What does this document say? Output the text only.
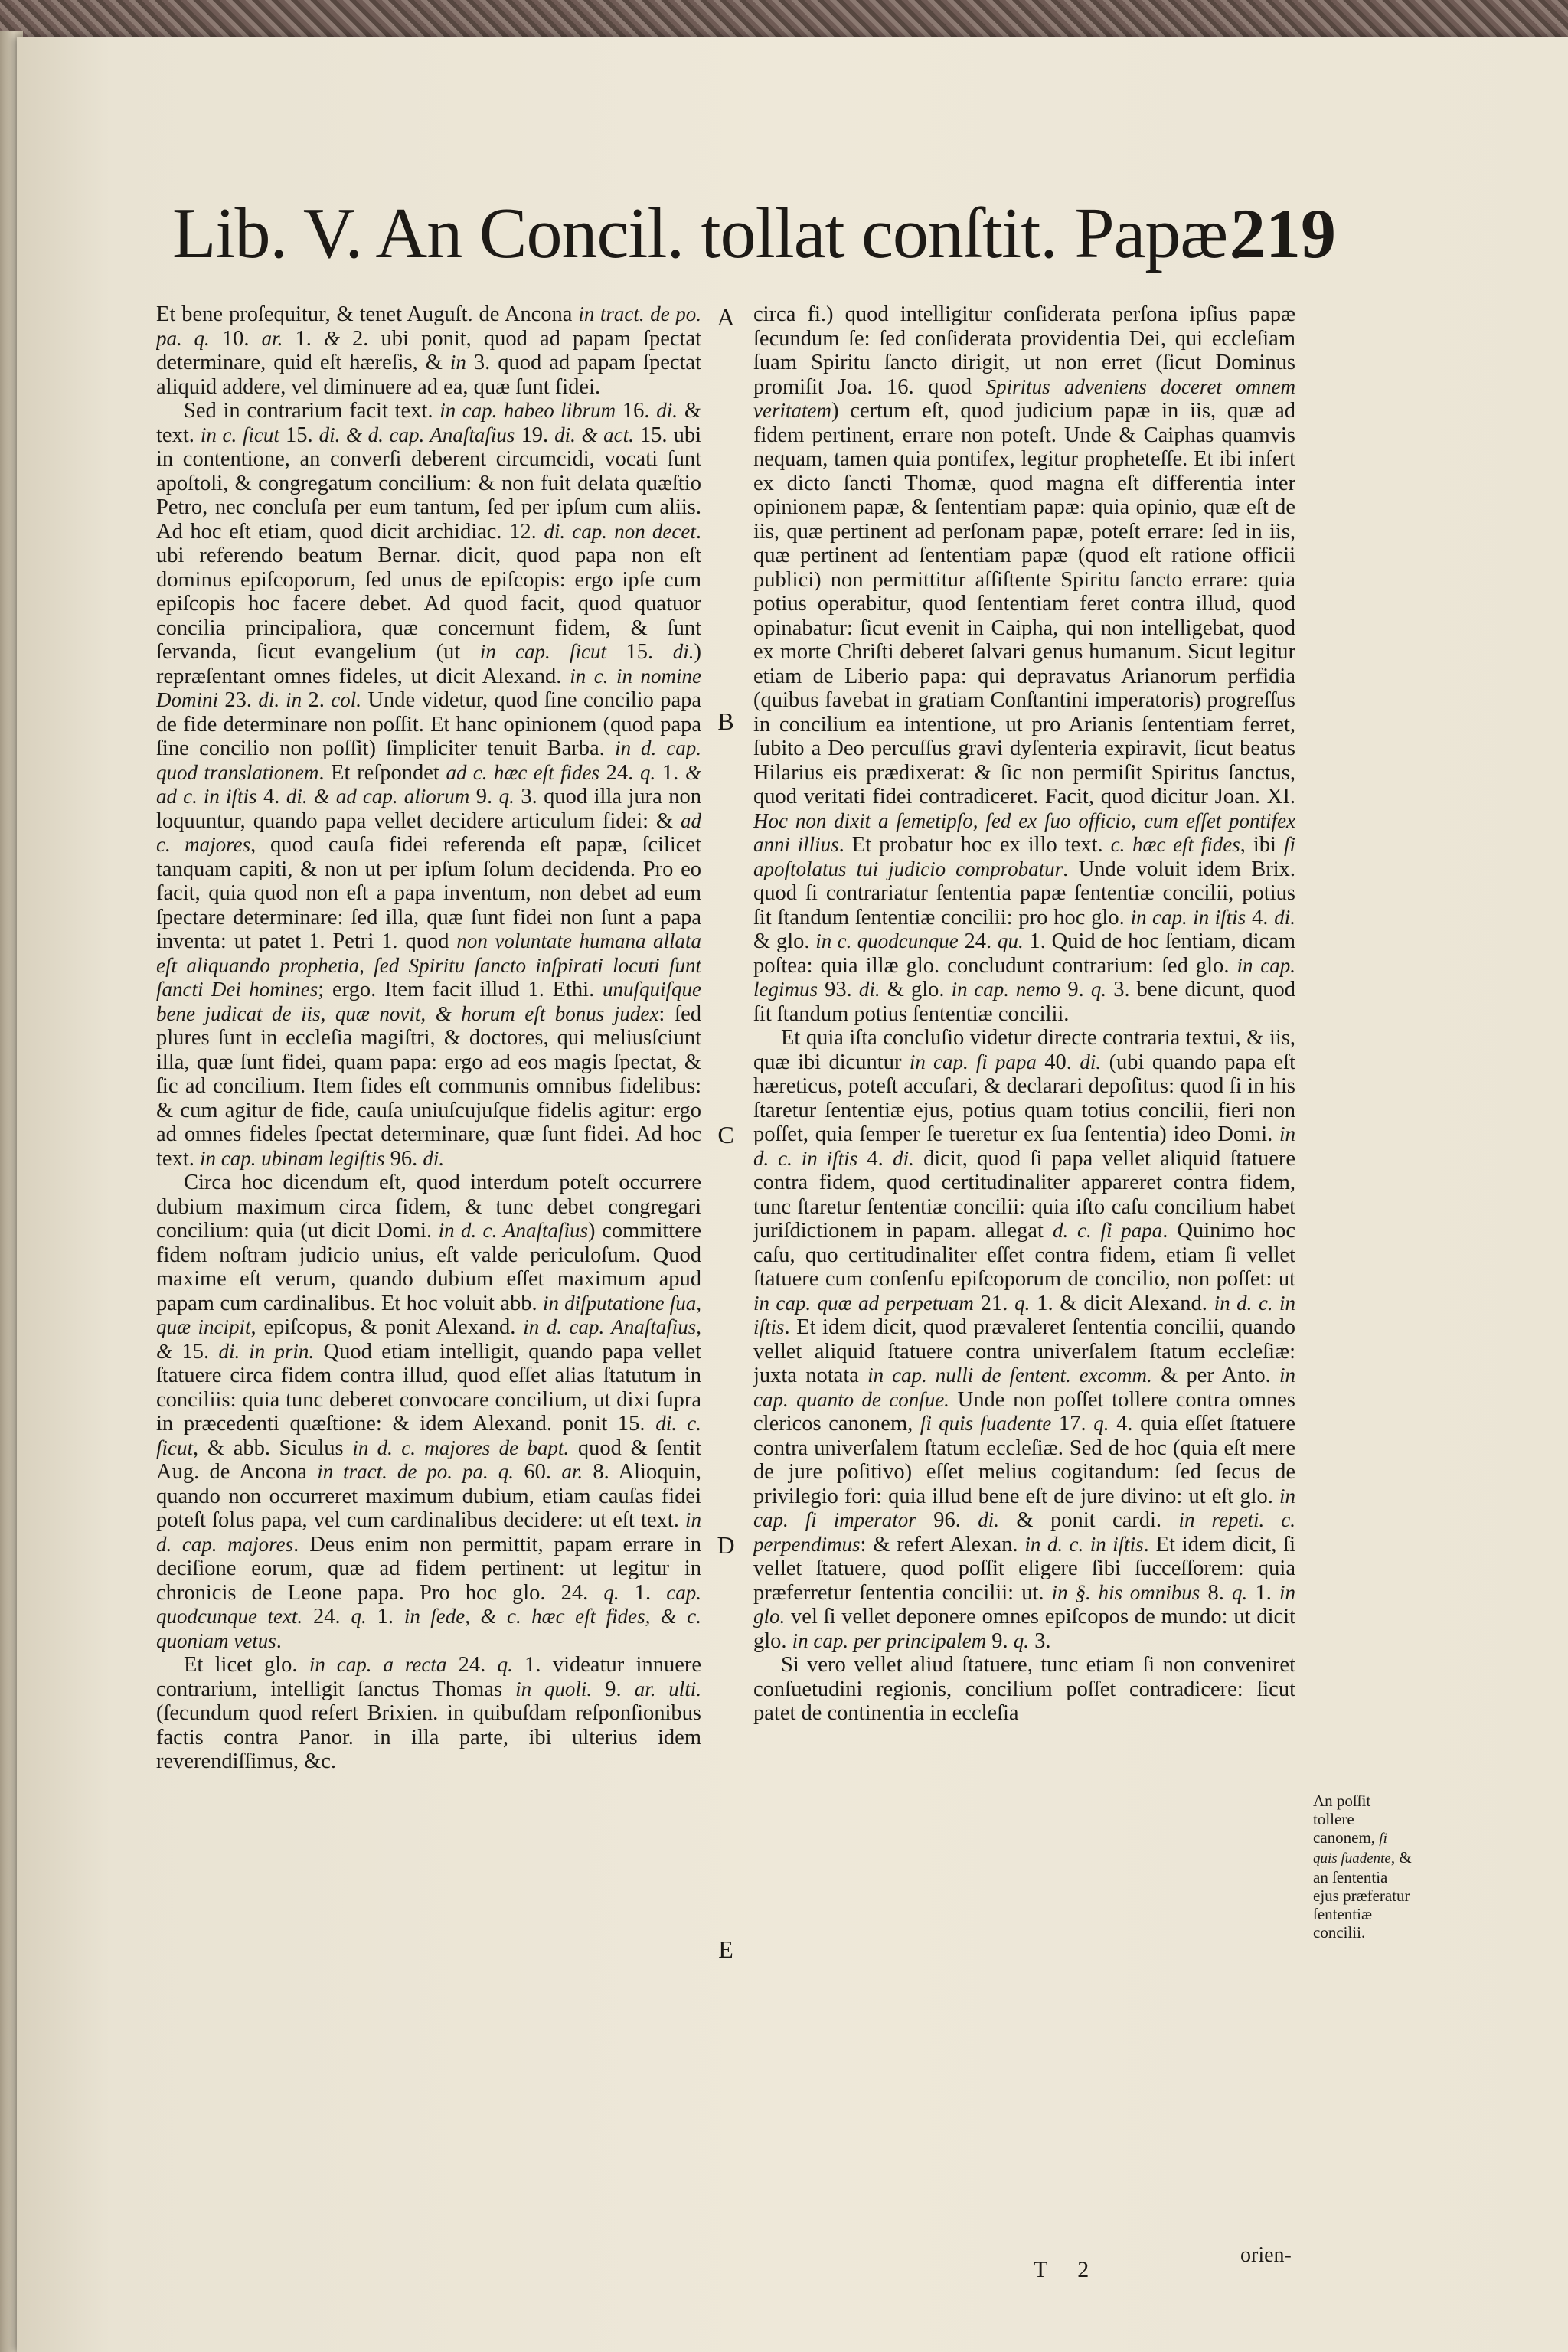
Lib. V. An Concil. tollat conſtit. Papæ.
219

Et bene proſequitur, & tenet Auguſt. de Ancona in tract. de po. pa. q. 10. ar. 1. & 2. ubi ponit, quod ad papam ſpectat determinare, quid eſt hæreſis, & in 3. quod ad papam ſpectat aliquid addere, vel diminuere ad ea, quæ ſunt fidei.

Sed in contrarium facit text. in cap. habeo librum 16. di. & text. in c. ſicut 15. di. & d. cap. Anaſtaſius 19. di. & act. 15. ubi in contentione, an converſi deberent circumcidi, vocati ſunt apoſtoli, & congregatum concilium: & non fuit delata quæſtio Petro, nec concluſa per eum tantum, ſed per ipſum cum aliis. Ad hoc eſt etiam, quod dicit archidiac. 12. di. cap. non decet. ubi referendo beatum Bernar. dicit, quod papa non eſt dominus epiſcoporum, ſed unus de epiſcopis: ergo ipſe cum epiſcopis hoc facere debet. Ad quod facit, quod quatuor concilia principaliora, quæ concernunt fidem, & ſunt ſervanda, ſicut evangelium (ut in cap. ſicut 15. di.) repræſentant omnes fideles, ut dicit Alexand. in c. in nomine Domini 23. di. in 2. col. Unde videtur, quod ſine concilio papa de fide determinare non poſſit. Et hanc opinionem (quod papa ſine concilio non poſſit) ſimpliciter tenuit Barba. in d. cap. quod translationem. Et reſpondet ad c. hæc eſt fides 24. q. 1. & ad c. in iſtis 4. di. & ad cap. aliorum 9. q. 3. quod illa jura non loquuntur, quando papa vellet decidere articulum fidei: & ad c. majores, quod cauſa fidei referenda eſt papæ, ſcilicet tanquam capiti, & non ut per ipſum ſolum decidenda. Pro eo facit, quia quod non eſt a papa inventum, non debet ad eum ſpectare determinare: ſed illa, quæ ſunt fidei non ſunt a papa inventa: ut patet 1. Petri 1. quod non voluntate humana allata eſt aliquando prophetia, ſed Spiritu ſancto inſpirati locuti ſunt ſancti Dei homines; ergo. Item facit illud 1. Ethi. unuſquiſque bene judicat de iis, quæ novit, & horum eſt bonus judex: ſed plures ſunt in eccleſia magiſtri, & doctores, qui meliusſciunt illa, quæ ſunt fidei, quam papa: ergo ad eos magis ſpectat, & ſic ad concilium. Item fides eſt communis omnibus fidelibus: & cum agitur de fide, cauſa uniuſcujuſque fidelis agitur: ergo ad omnes fideles ſpectat determinare, quæ ſunt fidei. Ad hoc text. in cap. ubinam legiſtis 96. di.

Circa hoc dicendum eſt, quod interdum poteſt occurrere dubium maximum circa fidem, & tunc debet congregari concilium: quia (ut dicit Domi. in d. c. Anaſtaſius) committere fidem noſtram judicio unius, eſt valde periculoſum. Quod maxime eſt verum, quando dubium eſſet maximum apud papam cum cardinalibus. Et hoc voluit abb. in diſputatione ſua, quæ incipit, epiſcopus, & ponit Alexand. in d. cap. Anaſtaſius, & 15. di. in prin. Quod etiam intelligit, quando papa vellet ſtatuere circa fidem contra illud, quod eſſet alias ſtatutum in conciliis: quia tunc deberet convocare concilium, ut dixi ſupra in præcedenti quæſtione: & idem Alexand. ponit 15. di. c. ſicut, & abb. Siculus in d. c. majores de bapt. quod & ſentit Aug. de Ancona in tract. de po. pa. q. 60. ar. 8. Alioquin, quando non occurreret maximum dubium, etiam cauſas fidei poteſt ſolus papa, vel cum cardinalibus decidere: ut eſt text. in d. cap. majores. Deus enim non permittit, papam errare in deciſione eorum, quæ ad fidem pertinent: ut legitur in chronicis de Leone papa. Pro hoc glo. 24. q. 1. cap. quodcunque text. 24. q. 1. in ſede, & c. hæc eſt fides, & c. quoniam vetus.

Et licet glo. in cap. a recta 24. q. 1. videatur innuere contrarium, intelligit ſanctus Thomas in quoli. 9. ar. ulti. (ſecundum quod refert Brixien. in quibuſdam reſponſionibus factis contra Panor. in illa parte, ibi ulterius idem reverendiſſimus, &c.

A
B
C
D
E

circa fi.) quod intelligitur conſiderata perſona ipſius papæ ſecundum ſe: ſed conſiderata providentia Dei, qui eccleſiam ſuam Spiritu ſancto dirigit, ut non erret (ſicut Dominus promiſit Joa. 16. quod Spiritus adveniens doceret omnem veritatem) certum eſt, quod judicium papæ in iis, quæ ad fidem pertinent, errare non poteſt. Unde & Caiphas quamvis nequam, tamen quia pontifex, legitur propheteſſe. Et ibi infert ex dicto ſancti Thomæ, quod magna eſt differentia inter opinionem papæ, & ſententiam papæ: quia opinio, quæ eſt de iis, quæ pertinent ad perſonam papæ, poteſt errare: ſed in iis, quæ pertinent ad ſententiam papæ (quod eſt ratione officii publici) non permittitur aſſiſtente Spiritu ſancto errare: quia potius operabitur, quod ſententiam feret contra illud, quod opinabatur: ſicut evenit in Caipha, qui non intelligebat, quod ex morte Chriſti deberet ſalvari genus humanum. Sicut legitur etiam de Liberio papa: qui depravatus Arianorum perfidia (quibus favebat in gratiam Conſtantini imperatoris) progreſſus in concilium ea intentione, ut pro Arianis ſententiam ferret, ſubito a Deo percuſſus gravi dyſenteria expiravit, ſicut beatus Hilarius eis prædixerat: & ſic non permiſit Spiritus ſanctus, quod veritati fidei contradiceret. Facit, quod dicitur Joan. XI. Hoc non dixit a ſemetipſo, ſed ex ſuo officio, cum eſſet pontifex anni illius. Et probatur hoc ex illo text. c. hæc eſt fides, ibi ſi apoſtolatus tui judicio comprobatur. Unde voluit idem Brix. quod ſi contrariatur ſententia papæ ſententiæ concilii, potius ſit ſtandum ſententiæ concilii: pro hoc glo. in cap. in iſtis 4. di. & glo. in c. quodcunque 24. qu. 1. Quid de hoc ſentiam, dicam poſtea: quia illæ glo. concludunt contrarium: ſed glo. in cap. legimus 93. di. & glo. in cap. nemo 9. q. 3. bene dicunt, quod ſit ſtandum potius ſententiæ concilii.

Et quia iſta concluſio videtur directe contraria textui, & iis, quæ ibi dicuntur in cap. ſi papa 40. di. (ubi quando papa eſt hæreticus, poteſt accuſari, & declarari depoſitus: quod ſi in his ſtaretur ſententiæ ejus, potius quam totius concilii, fieri non poſſet, quia ſemper ſe tueretur ex ſua ſententia) ideo Domi. in d. c. in iſtis 4. di. dicit, quod ſi papa vellet aliquid ſtatuere contra fidem, quod certitudinaliter appareret contra fidem, tunc ſtaretur ſententiæ concilii: quia iſto caſu concilium habet juriſdictionem in papam. allegat d. c. ſi papa. Quinimo hoc caſu, quo certitudinaliter eſſet contra fidem, etiam ſi vellet ſtatuere cum conſenſu epiſcoporum de concilio, non poſſet: ut in cap. quæ ad perpetuam 21. q. 1. & dicit Alexand. in d. c. in iſtis. Et idem dicit, quod prævaleret ſententia concilii, quando vellet aliquid ſtatuere contra univerſalem ſtatum eccleſiæ: juxta notata in cap. nulli de ſentent. excomm. & per Anto. in cap. quanto de conſue. Unde non poſſet tollere contra omnes clericos canonem, ſi quis ſuadente 17. q. 4. quia eſſet ſtatuere contra univerſalem ſtatum eccleſiæ. Sed de hoc (quia eſt mere de jure poſitivo) eſſet melius cogitandum: ſed ſecus de privilegio fori: quia illud bene eſt de jure divino: ut eſt glo. in cap. ſi imperator 96. di. & ponit cardi. in repeti. c. perpendimus: & refert Alexan. in d. c. in iſtis. Et idem dicit, ſi vellet ſtatuere, quod poſſit eligere ſibi ſucceſſorem: quia præferretur ſententia concilii: ut. in §. his omnibus 8. q. 1. in glo. vel ſi vellet deponere omnes epiſcopos de mundo: ut dicit glo. in cap. per principalem 9. q. 3.

Si vero vellet aliud ſtatuere, tunc etiam ſi non conveniret conſuetudini regionis, concilium poſſet contradicere: ſicut patet de continentia in eccleſia

An poſſit tollere canonem, ſi quis ſuadente, & an ſententia ejus præferatur ſententiæ concilii.
T 2
orien-
